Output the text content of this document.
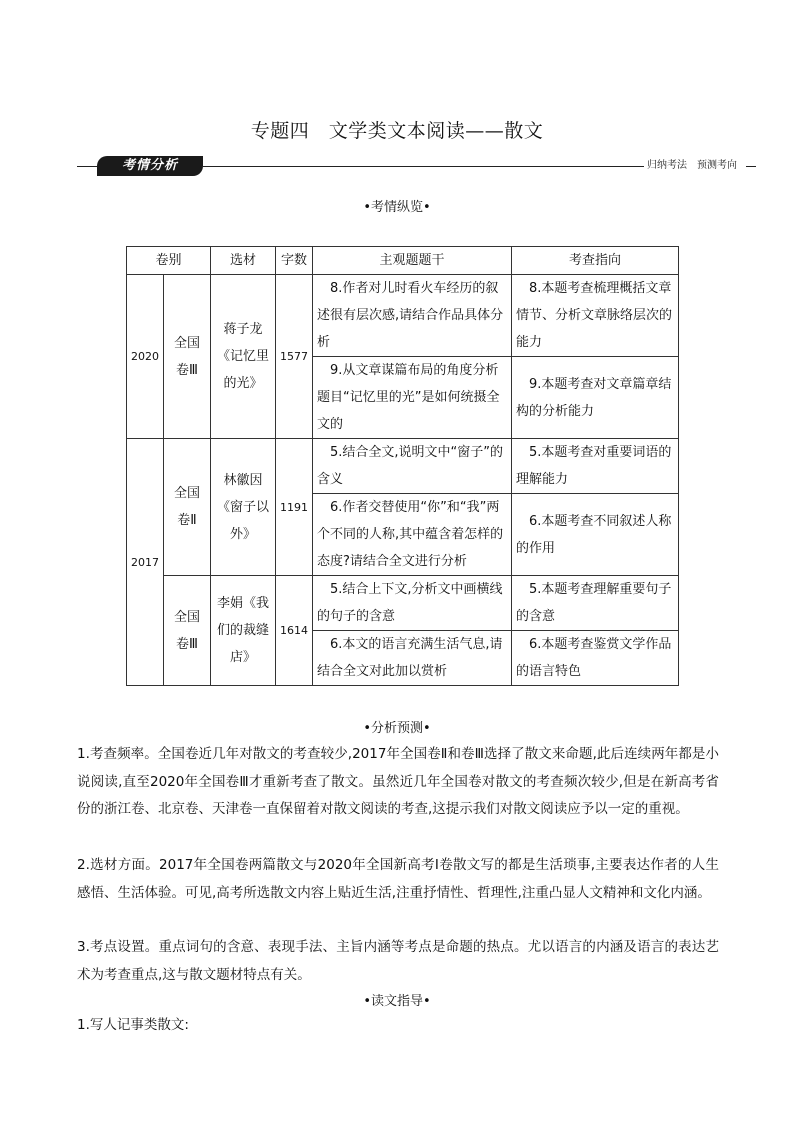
专题四　文学类文本阅读——散文
考情分析	归纳考法　预测考向
•考情纵览•
卷别		选材	字数	主观题题干	考查指向
2020	全国卷Ⅲ	蒋子龙《记忆里的光》	1577	8.作者对儿时看火车经历的叙述很有层次感,请结合作品具体分析	8.本题考查梳理概括文章情节、分析文章脉络层次的能力
				9.从文章谋篇布局的角度分析题目“记忆里的光”是如何统摄全文的	9.本题考查对文章篇章结构的分析能力
2017	全国卷Ⅱ	林徽因《窗子以外》	1191	5.结合全文,说明文中“窗子”的含义	5.本题考查对重要词语的理解能力
				6.作者交替使用“你”和“我”两个不同的人称,其中蕴含着怎样的态度?请结合全文进行分析	6.本题考查不同叙述人称的作用
	全国卷Ⅲ	李娟《我们的裁缝店》	1614	5.结合上下文,分析文中画横线的句子的含意	5.本题考查理解重要句子的含意
				6.本文的语言充满生活气息,请结合全文对此加以赏析	6.本题考查鉴赏文学作品的语言特色
•分析预测•
1.考查频率。全国卷近几年对散文的考查较少,2017年全国卷Ⅱ和卷Ⅲ选择了散文来命题,此后连续两年都是小说阅读,直至2020年全国卷Ⅲ才重新考查了散文。虽然近几年全国卷对散文的考查频次较少,但是在新高考省份的浙江卷、北京卷、天津卷一直保留着对散文阅读的考查,这提示我们对散文阅读应予以一定的重视。
2.选材方面。2017年全国卷两篇散文与2020年全国新高考Ⅰ卷散文写的都是生活琐事,主要表达作者的人生感悟、生活体验。可见,高考所选散文内容上贴近生活,注重抒情性、哲理性,注重凸显人文精神和文化内涵。
3.考点设置。重点词句的含意、表现手法、主旨内涵等考点是命题的热点。尤以语言的内涵及语言的表达艺术为考查重点,这与散文题材特点有关。
•读文指导•
1.写人记事类散文:
